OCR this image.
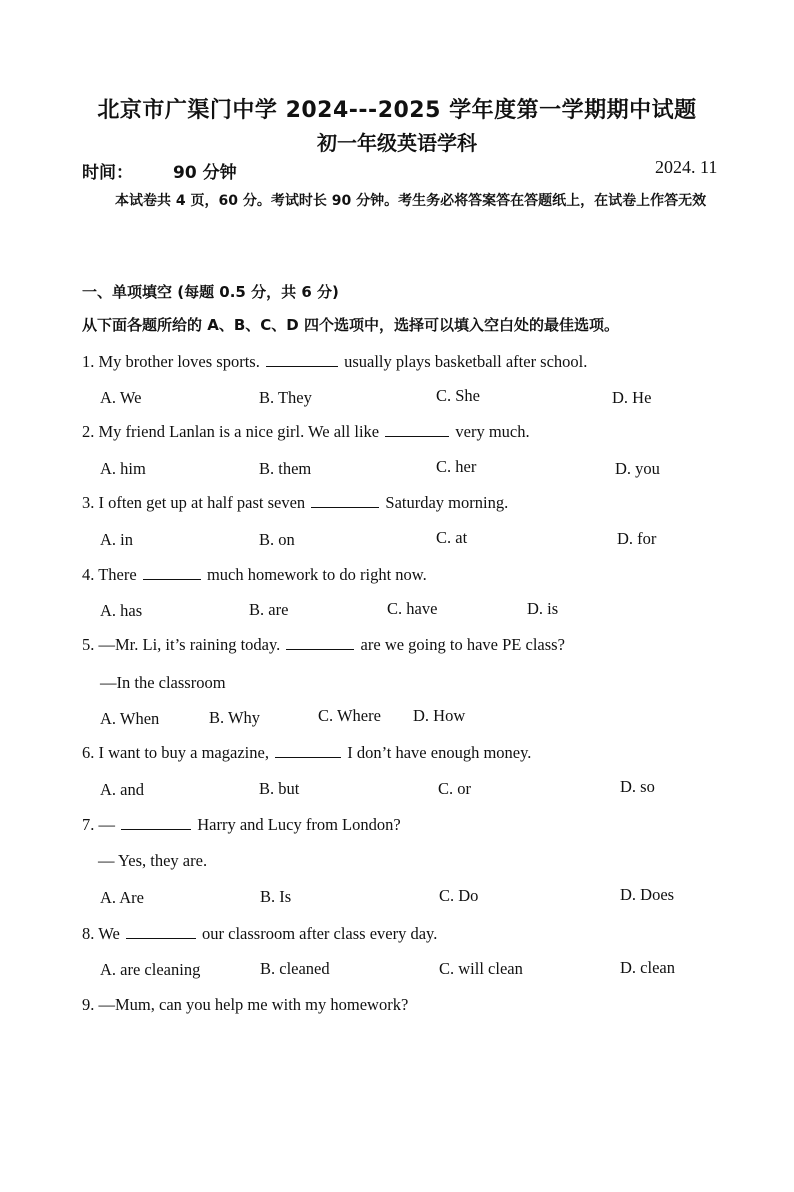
北京市广渠门中学 2024---2025 学年度第一学期期中试题
初一年级英语学科
时间： 90 分钟	2024. 11
本试卷共 4 页，60 分。考试时长 90 分钟。考生务必将答案答在答题纸上，在试卷上作答无效
一、单项填空 (每题 0.5 分，共 6 分)
从下面各题所给的 A、B、C、D 四个选项中，选择可以填入空白处的最佳选项。
1. My brother loves sports.	usually plays basketball after school.
A. We	B. They	C. She	D. He
2. My friend Lanlan is a nice girl. We all like	very much.
A. him	B. them	C. her	D. you
3. I often get up at half past seven	Saturday morning.
A. in	B. on	C. at	D. for
4. There	much homework to do right now.
A. has	B. are	C. have	D. is
5. —Mr. Li, it’s raining today.	are we going to have PE class?
—In the classroom
A. When	B. Why	C. Where D. How
6. I want to buy a magazine,	I don’t have enough money.
A. and	B. but	C. or	D. so
7. —	Harry and Lucy from London?
— Yes, they are.
A. Are	B. Is	C. Do	D. Does
8. We	our classroom after class every day.
A. are cleaning	B. cleaned	C. will clean	D. clean
9. —Mum, can you help me with my homework?
